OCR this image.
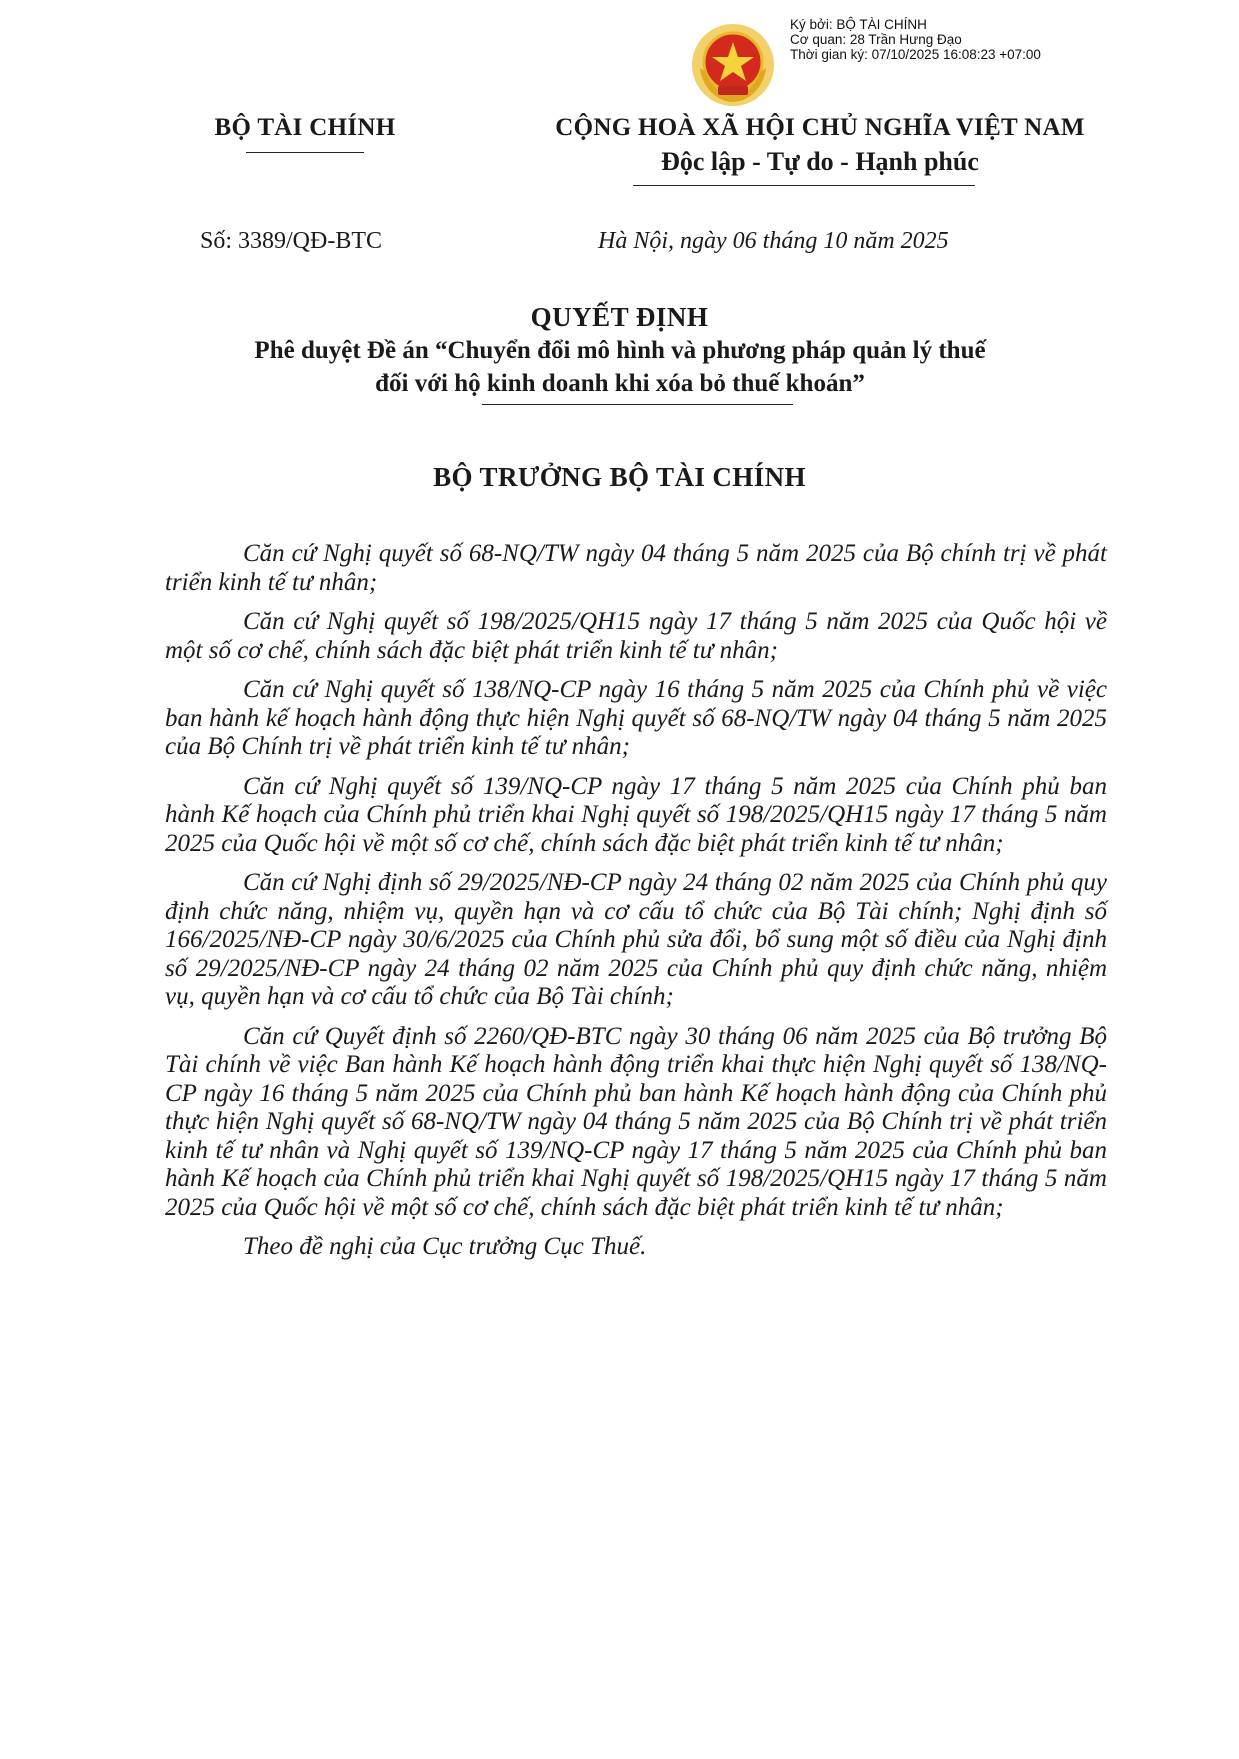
Ký bởi: BỘ TÀI CHÍNH
Cơ quan: 28 Trần Hưng Đạo
Thời gian ký: 07/10/2025 16:08:23 +07:00
BỘ TÀI CHÍNH	CỘNG HOÀ XÃ HỘI CHỦ NGHĨA VIỆT NAM
Độc lập - Tự do - Hạnh phúc
Số: 3389/QĐ-BTC	Hà Nội, ngày 06 tháng 10 năm 2025
QUYẾT ĐỊNH
Phê duyệt Đề án “Chuyển đổi mô hình và phương pháp quản lý thuế
đối với hộ kinh doanh khi xóa bỏ thuế khoán”
BỘ TRƯỞNG BỘ TÀI CHÍNH

Căn cứ Nghị quyết số 68-NQ/TW ngày 04 tháng 5 năm 2025 của Bộ chính trị về phát triển kinh tế tư nhân;

Căn cứ Nghị quyết số 198/2025/QH15 ngày 17 tháng 5 năm 2025 của Quốc hội về một số cơ chế, chính sách đặc biệt phát triển kinh tế tư nhân;

Căn cứ Nghị quyết số 138/NQ-CP ngày 16 tháng 5 năm 2025 của Chính phủ về việc ban hành kế hoạch hành động thực hiện Nghị quyết số 68-NQ/TW ngày 04 tháng 5 năm 2025 của Bộ Chính trị về phát triển kinh tế tư nhân;

Căn cứ Nghị quyết số 139/NQ-CP ngày 17 tháng 5 năm 2025 của Chính phủ ban hành Kế hoạch của Chính phủ triển khai Nghị quyết số 198/2025/QH15 ngày 17 tháng 5 năm 2025 của Quốc hội về một số cơ chế, chính sách đặc biệt phát triển kinh tế tư nhân;

Căn cứ Nghị định số 29/2025/NĐ-CP ngày 24 tháng 02 năm 2025 của Chính phủ quy định chức năng, nhiệm vụ, quyền hạn và cơ cấu tổ chức của Bộ Tài chính; Nghị định số 166/2025/NĐ-CP ngày 30/6/2025 của Chính phủ sửa đổi, bổ sung một số điều của Nghị định số 29/2025/NĐ-CP ngày 24 tháng 02 năm 2025 của Chính phủ quy định chức năng, nhiệm vụ, quyền hạn và cơ cấu tổ chức của Bộ Tài chính;

Căn cứ Quyết định số 2260/QĐ-BTC ngày 30 tháng 06 năm 2025 của Bộ trưởng Bộ Tài chính về việc Ban hành Kế hoạch hành động triển khai thực hiện Nghị quyết số 138/NQ-CP ngày 16 tháng 5 năm 2025 của Chính phủ ban hành Kế hoạch hành động của Chính phủ thực hiện Nghị quyết số 68-NQ/TW ngày 04 tháng 5 năm 2025 của Bộ Chính trị về phát triển kinh tế tư nhân và Nghị quyết số 139/NQ-CP ngày 17 tháng 5 năm 2025 của Chính phủ ban hành Kế hoạch của Chính phủ triển khai Nghị quyết số 198/2025/QH15 ngày 17 tháng 5 năm 2025 của Quốc hội về một số cơ chế, chính sách đặc biệt phát triển kinh tế tư nhân;

Theo đề nghị của Cục trưởng Cục Thuế.
